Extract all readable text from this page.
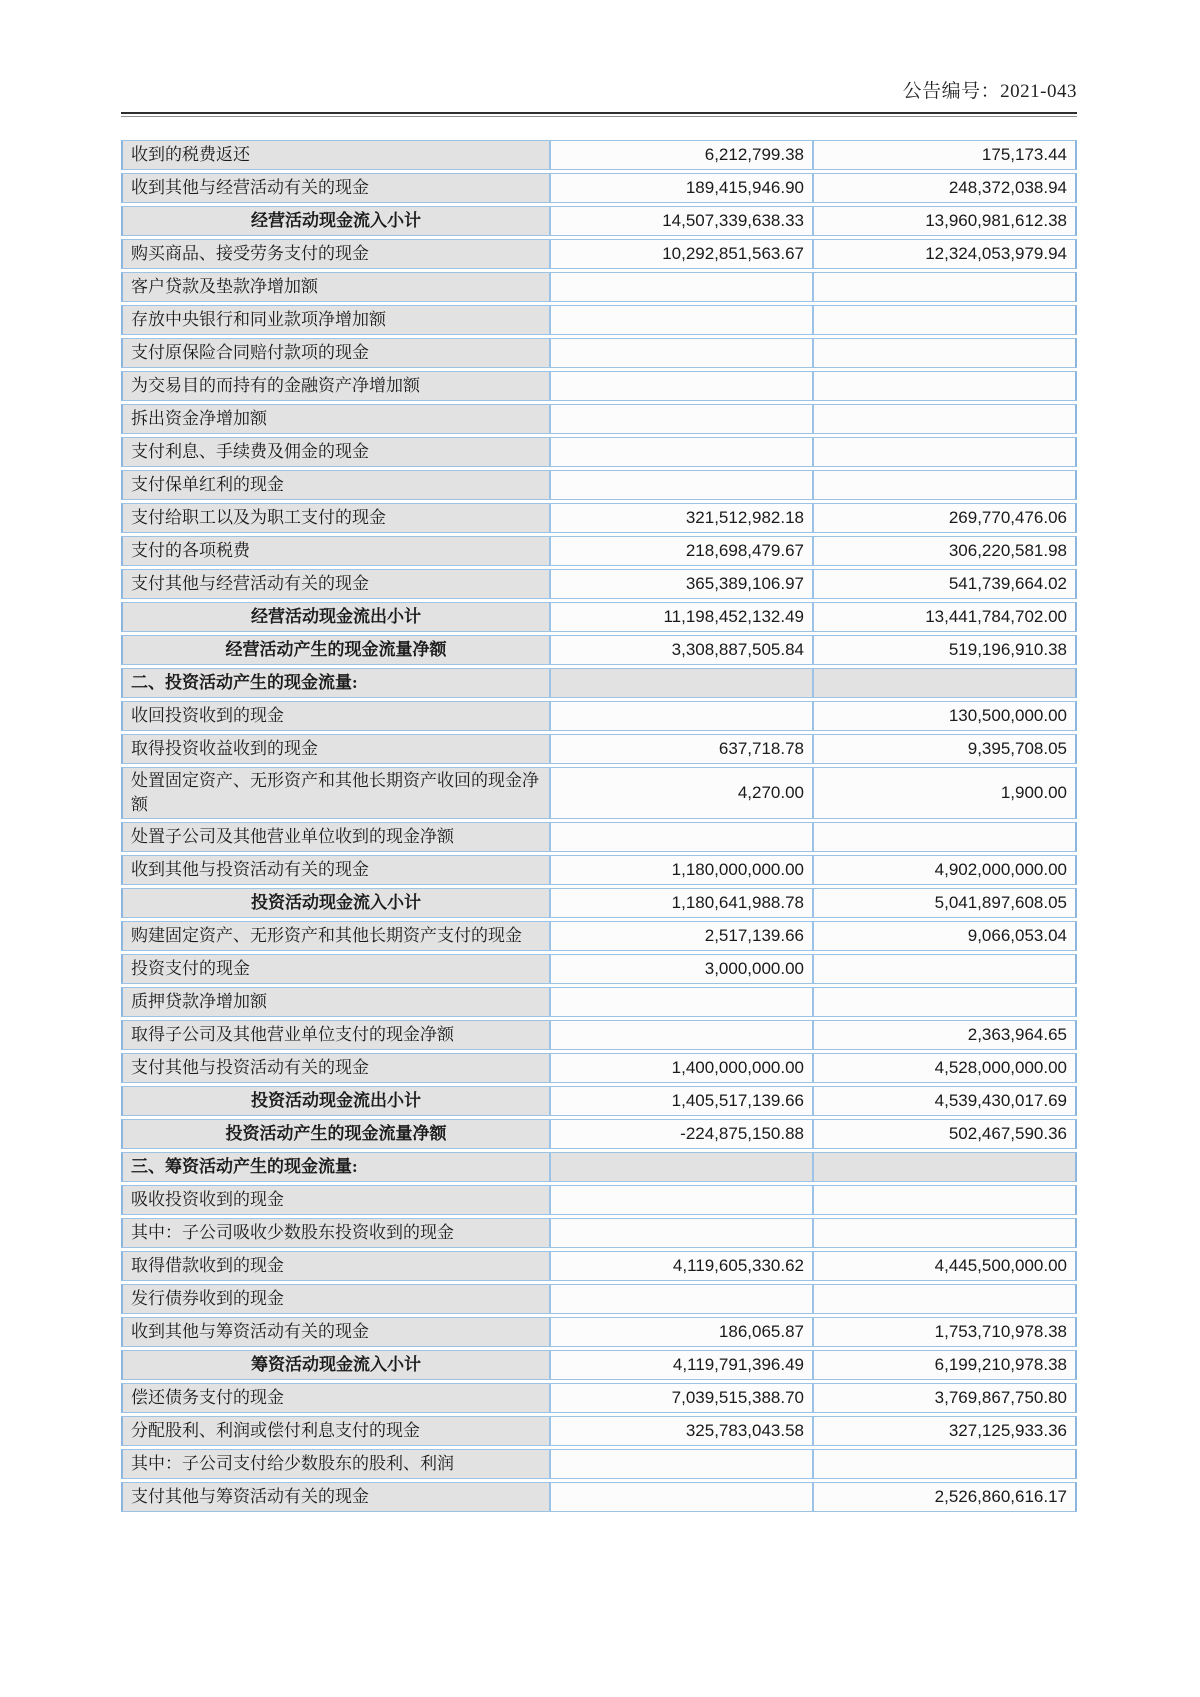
公告编号：2021-043
收到的税费返还	6,212,799.38	175,173.44
收到其他与经营活动有关的现金	189,415,946.90	248,372,038.94
经营活动现金流入小计	14,507,339,638.33	13,960,981,612.38
购买商品、接受劳务支付的现金	10,292,851,563.67	12,324,053,979.94
客户贷款及垫款净增加额		
存放中央银行和同业款项净增加额		
支付原保险合同赔付款项的现金		
为交易目的而持有的金融资产净增加额		
拆出资金净增加额		
支付利息、手续费及佣金的现金		
支付保单红利的现金		
支付给职工以及为职工支付的现金	321,512,982.18	269,770,476.06
支付的各项税费	218,698,479.67	306,220,581.98
支付其他与经营活动有关的现金	365,389,106.97	541,739,664.02
经营活动现金流出小计	11,198,452,132.49	13,441,784,702.00
经营活动产生的现金流量净额	3,308,887,505.84	519,196,910.38
二、投资活动产生的现金流量:		
收回投资收到的现金		130,500,000.00
取得投资收益收到的现金	637,718.78	9,395,708.05
处置固定资产、无形资产和其他长期资产收回的现金净额	4,270.00	1,900.00
处置子公司及其他营业单位收到的现金净额		
收到其他与投资活动有关的现金	1,180,000,000.00	4,902,000,000.00
投资活动现金流入小计	1,180,641,988.78	5,041,897,608.05
购建固定资产、无形资产和其他长期资产支付的现金	2,517,139.66	9,066,053.04
投资支付的现金	3,000,000.00	
质押贷款净增加额		
取得子公司及其他营业单位支付的现金净额		2,363,964.65
支付其他与投资活动有关的现金	1,400,000,000.00	4,528,000,000.00
投资活动现金流出小计	1,405,517,139.66	4,539,430,017.69
投资活动产生的现金流量净额	-224,875,150.88	502,467,590.36
三、筹资活动产生的现金流量:		
吸收投资收到的现金		
其中：子公司吸收少数股东投资收到的现金		
取得借款收到的现金	4,119,605,330.62	4,445,500,000.00
发行债券收到的现金		
收到其他与筹资活动有关的现金	186,065.87	1,753,710,978.38
筹资活动现金流入小计	4,119,791,396.49	6,199,210,978.38
偿还债务支付的现金	7,039,515,388.70	3,769,867,750.80
分配股利、利润或偿付利息支付的现金	325,783,043.58	327,125,933.36
其中：子公司支付给少数股东的股利、利润		
支付其他与筹资活动有关的现金		2,526,860,616.17
